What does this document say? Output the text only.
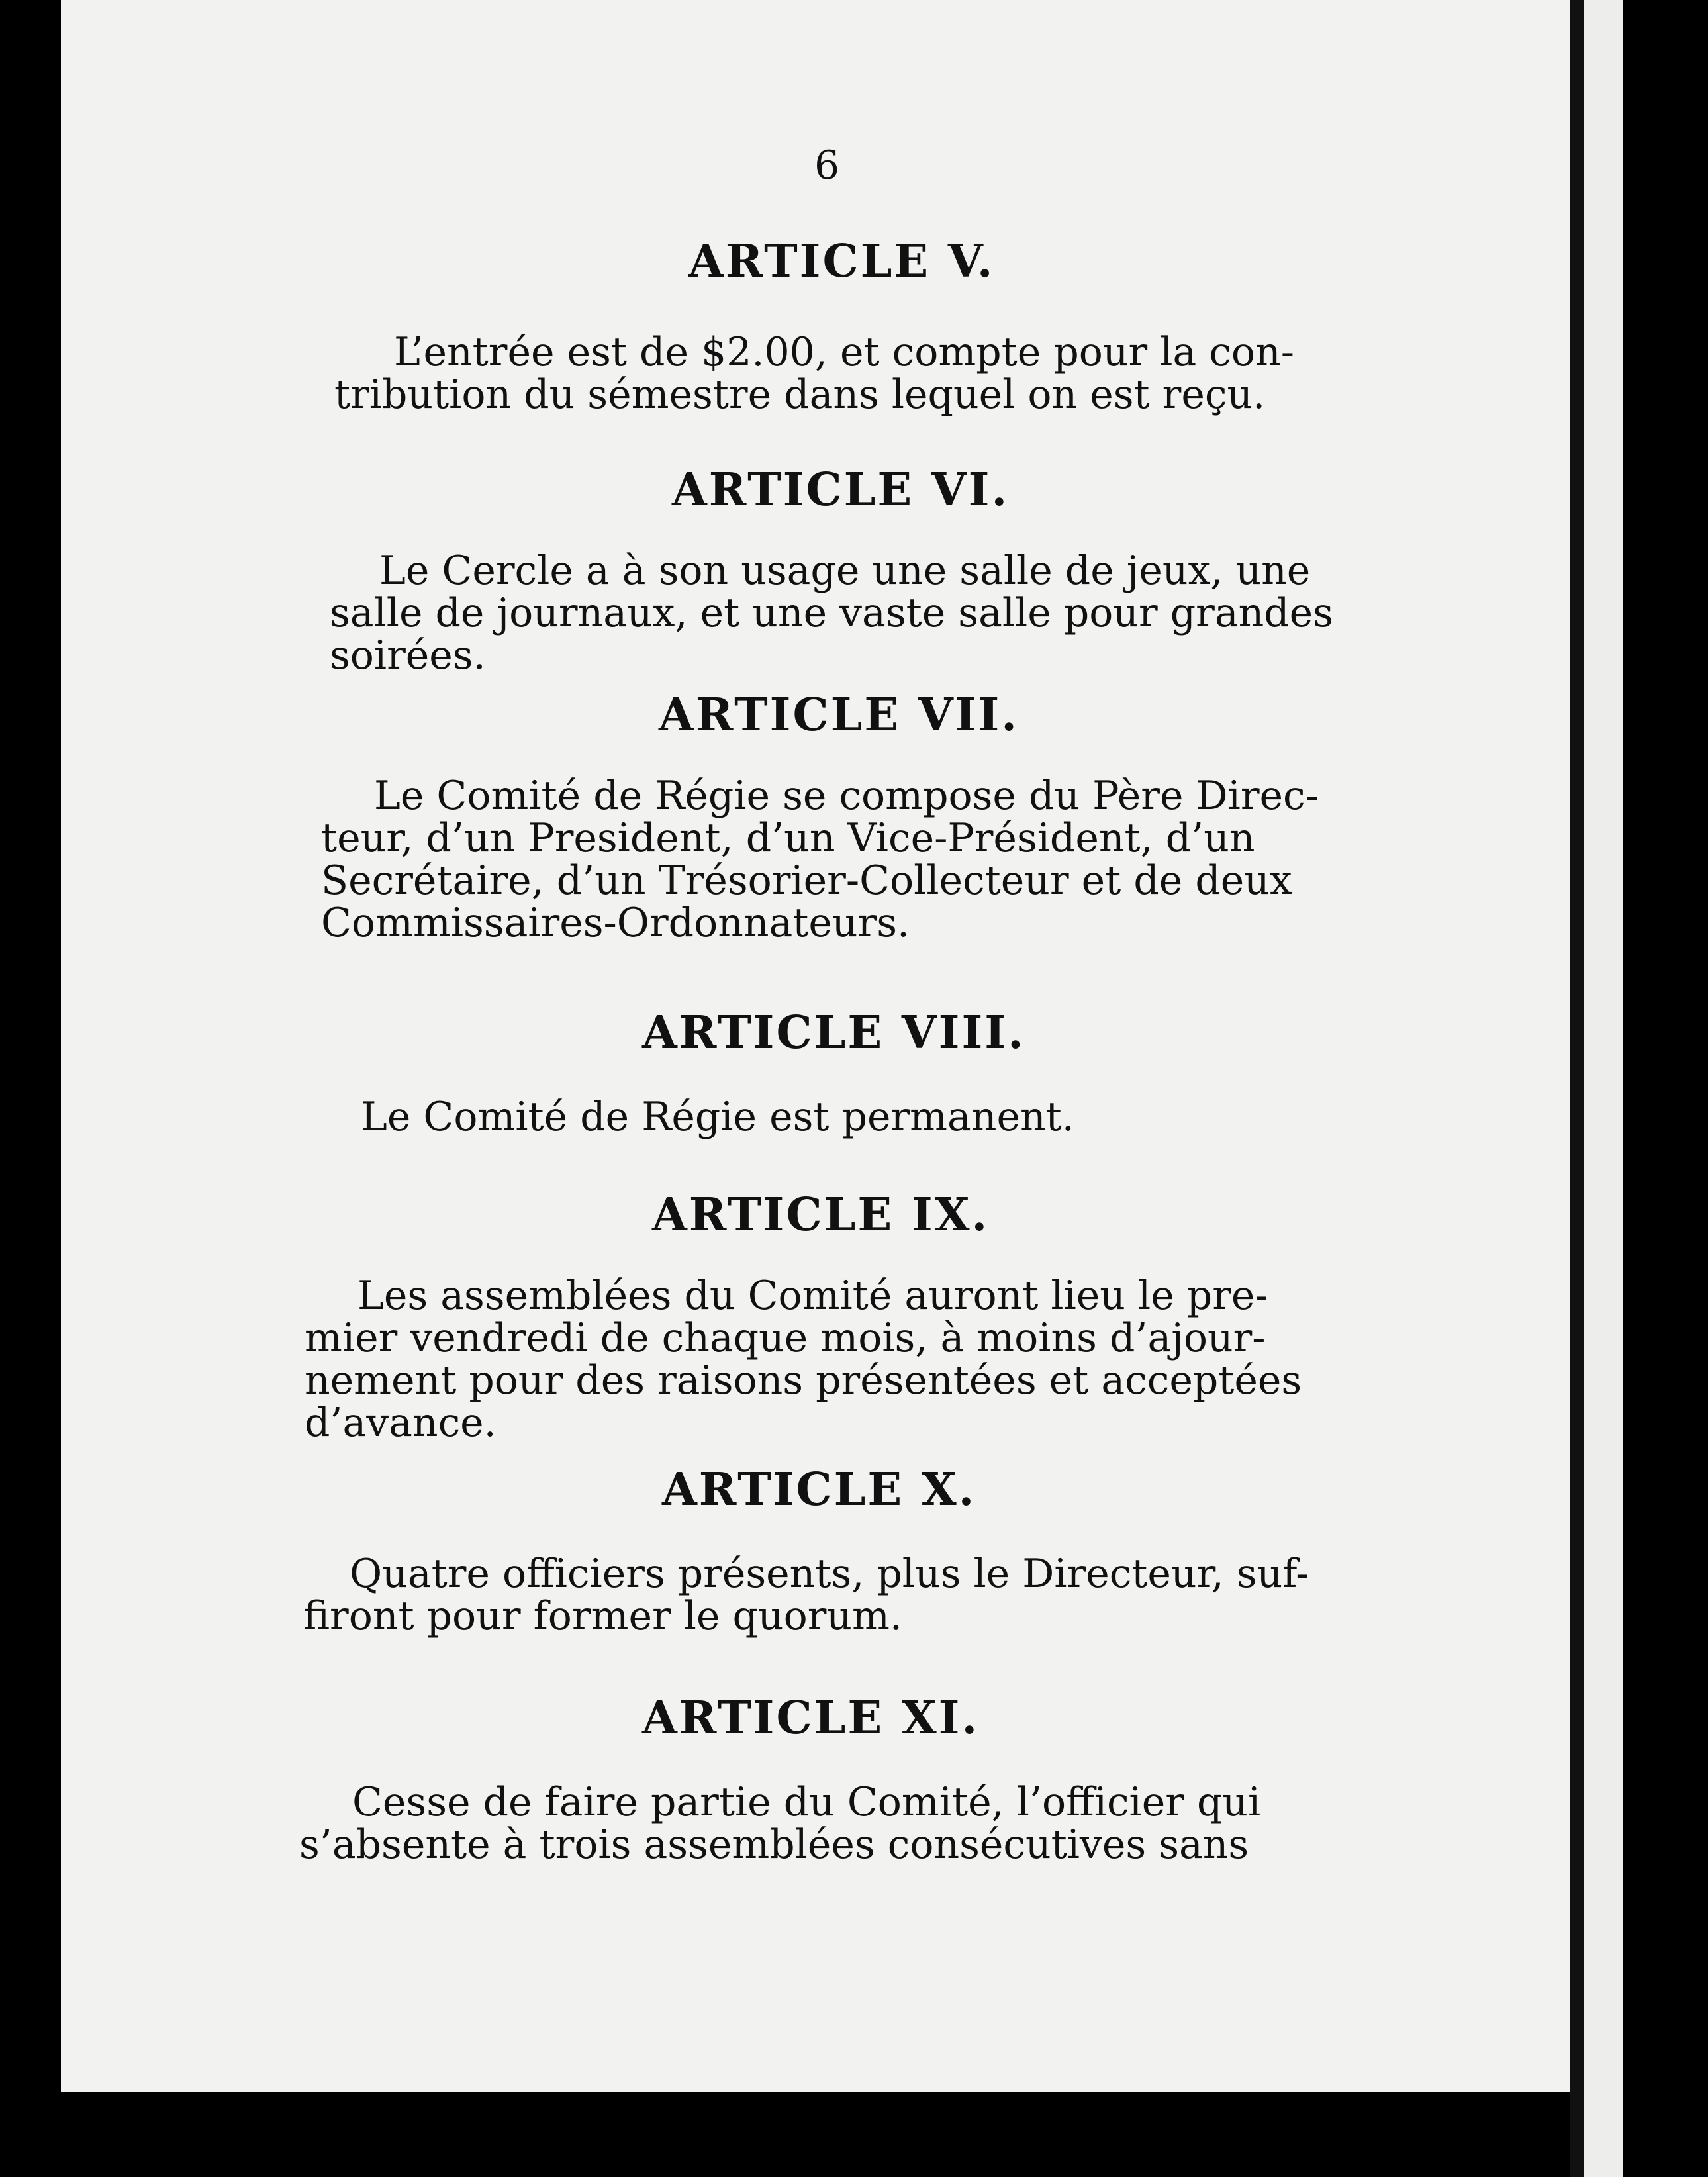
6
ARTICLE V.
L’entrée est de $2.00, et compte pour la con-
tribution du sémestre dans lequel on est reçu.
ARTICLE VI.
Le Cercle a à son usage une salle de jeux, une
salle de journaux, et une vaste salle pour grandes
soirées.
ARTICLE VII.
Le Comité de Régie se compose du Père Direc-
teur, d’un President, d’un Vice-Président, d’un
Secrétaire, d’un Trésorier-Collecteur et de deux
Commissaires-Ordonnateurs.
ARTICLE VIII.
Le Comité de Régie est permanent.
ARTICLE IX.
Les assemblées du Comité auront lieu le pre-
mier vendredi de chaque mois, à moins d’ajour-
nement pour des raisons présentées et acceptées
d’avance.
ARTICLE X.
Quatre officiers présents, plus le Directeur, suf-
firont pour former le quorum.
ARTICLE XI.
Cesse de faire partie du Comité, l’officier qui
s’absente à trois assemblées consécutives sans
